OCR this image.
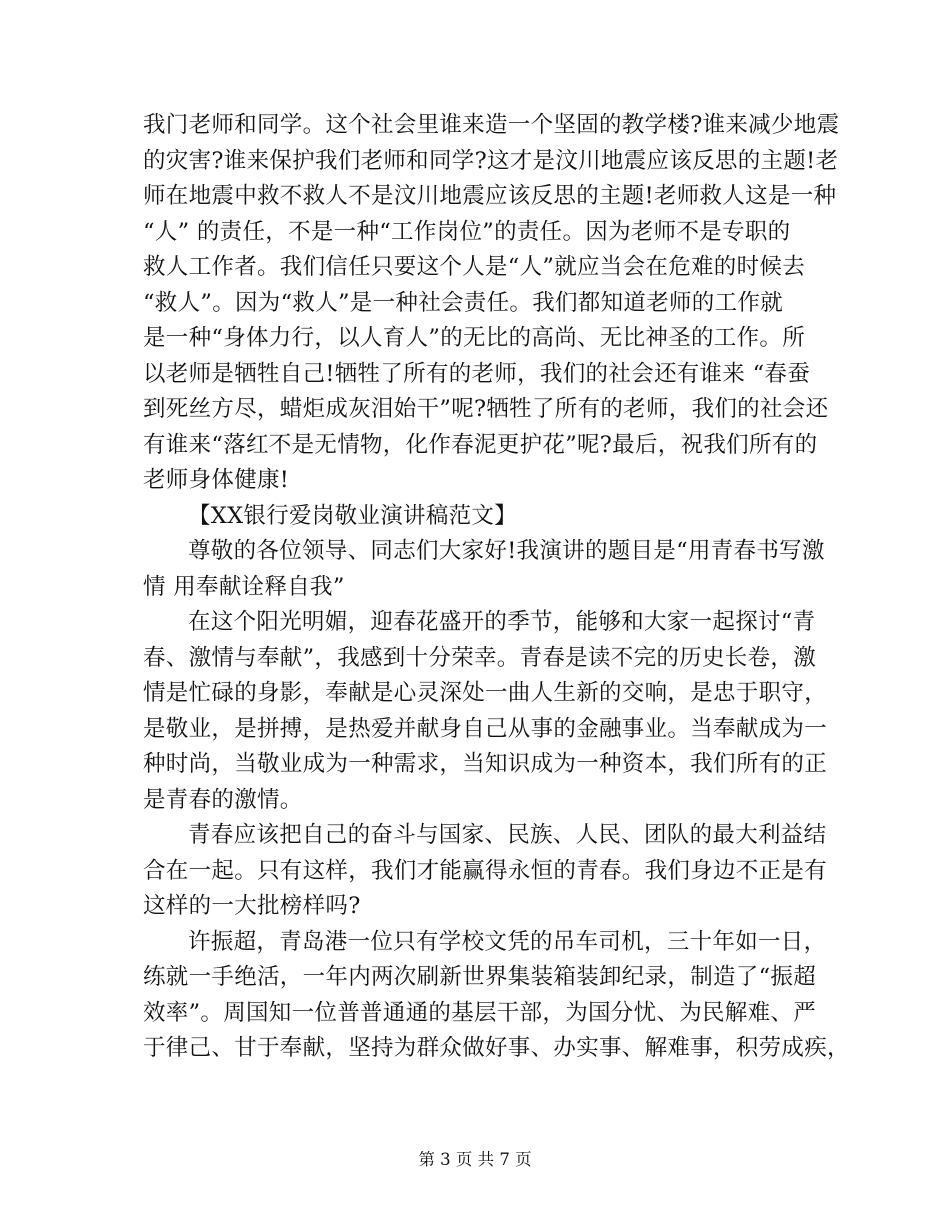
我门老师和同学。这个社会里谁来造一个坚固的教学楼?谁来减少地震
的灾害?谁来保护我们老师和同学?这才是汶川地震应该反思的主题!老
师在地震中救不救人不是汶川地震应该反思的主题!老师救人这是一种
“人” 的责任，不是一种“工作岗位”的责任。因为老师不是专职的
救人工作者。我们信任只要这个人是“人”就应当会在危难的时候去
“救人”。因为“救人”是一种社会责任。我们都知道老师的工作就
是一种“身体力行，以人育人”的无比的高尚、无比神圣的工作。所
以老师是牺牲自己!牺牲了所有的老师，我们的社会还有谁来 “春蚕
到死丝方尽，蜡炬成灰泪始干”呢?牺牲了所有的老师，我们的社会还
有谁来“落红不是无情物，化作春泥更护花”呢?最后，祝我们所有的
老师身体健康!
【XX银行爱岗敬业演讲稿范文】
尊敬的各位领导、同志们大家好!我演讲的题目是“用青春书写激
情 用奉献诠释自我”
在这个阳光明媚，迎春花盛开的季节，能够和大家一起探讨“青
春、激情与奉献”，我感到十分荣幸。青春是读不完的历史长卷，激
情是忙碌的身影，奉献是心灵深处一曲人生新的交响，是忠于职守，
是敬业，是拼搏，是热爱并献身自己从事的金融事业。当奉献成为一
种时尚，当敬业成为一种需求，当知识成为一种资本，我们所有的正
是青春的激情。
青春应该把自己的奋斗与国家、民族、人民、团队的最大利益结
合在一起。只有这样，我们才能赢得永恒的青春。我们身边不正是有
这样的一大批榜样吗?
许振超，青岛港一位只有学校文凭的吊车司机，三十年如一日，
练就一手绝活，一年内两次刷新世界集装箱装卸纪录，制造了“振超
效率”。周国知一位普普通通的基层干部，为国分忧、为民解难、严
于律己、甘于奉献，坚持为群众做好事、办实事、解难事，积劳成疾，
第 3 页 共 7 页
